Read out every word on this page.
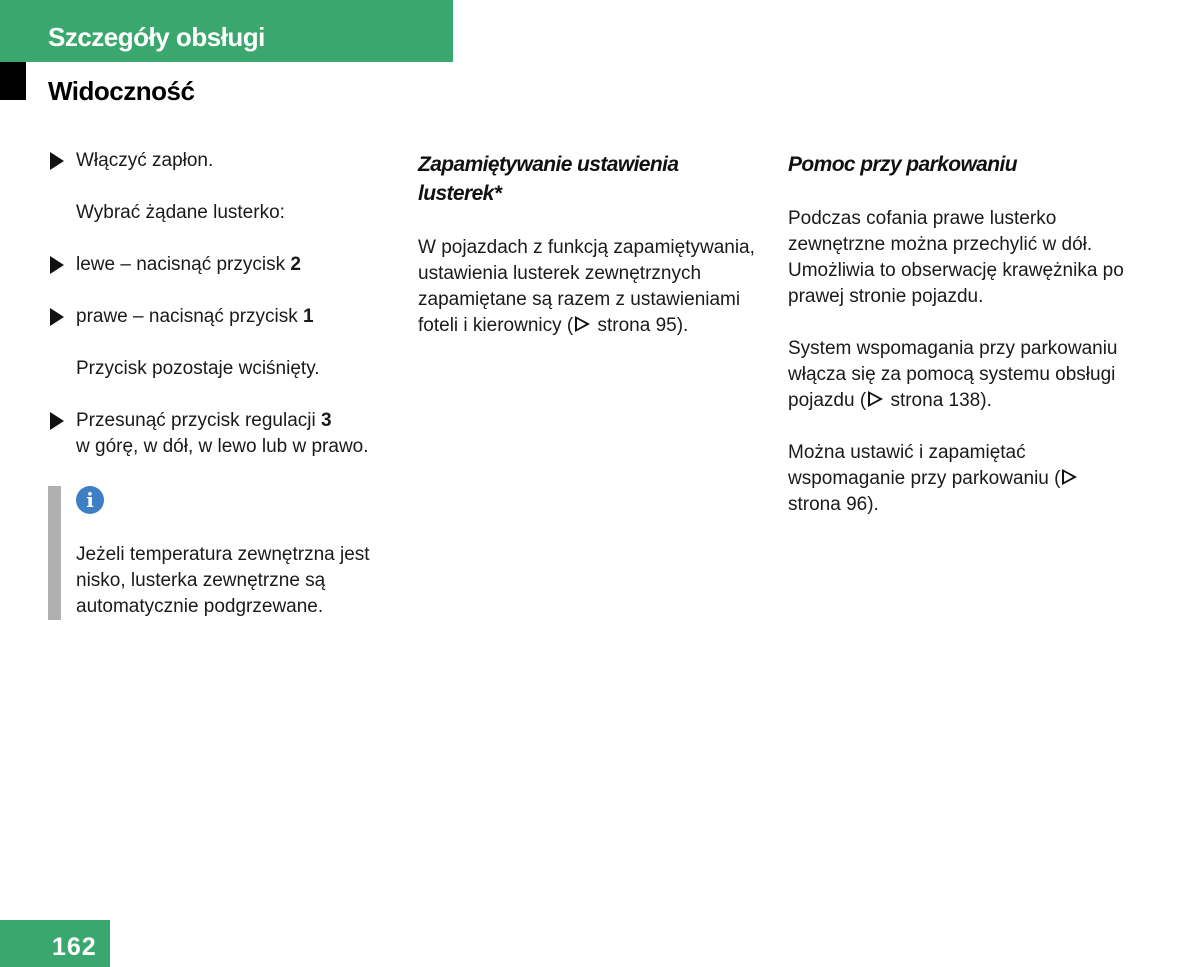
Szczegóły obsługi
Widoczność
Włączyć zapłon.
Wybrać żądane lusterko:
lewe – nacisnąć przycisk 2
prawe – nacisnąć przycisk 1
Przycisk pozostaje wciśnięty.
Przesunąć przycisk regulacji 3
w górę, w dół, w lewo lub w prawo.
i
Jeżeli temperatura zewnętrzna jest nisko, lusterka zewnętrzne są automatycznie podgrzewane.
Zapamiętywanie ustawienia lusterek*
W pojazdach z funkcją zapamiętywania, ustawienia lusterek zewnętrznych zapamiętane są razem z ustawieniami foteli i kierownicy ( strona 95).
Pomoc przy parkowaniu
Podczas cofania prawe lusterko zewnętrzne można przechylić w dół. Umożliwia to obserwację krawężnika po prawej stronie pojazdu.
System wspomagania przy parkowaniu włącza się za pomocą systemu obsługi pojazdu ( strona 138).
Można ustawić i zapamiętać wspomaganie przy parkowaniu ( strona 96).
162
